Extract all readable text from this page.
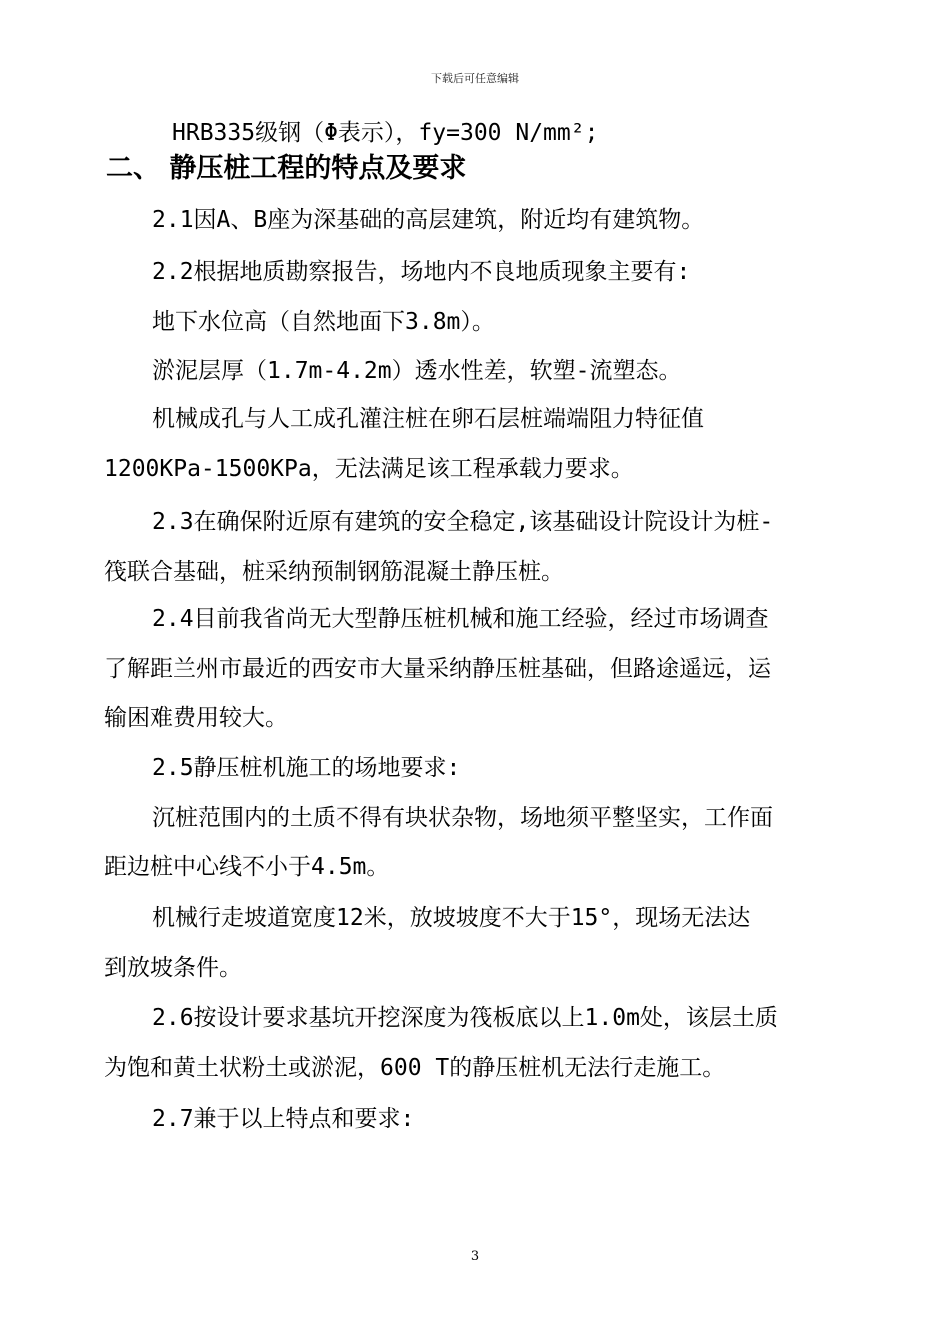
下载后可任意编辑
HRB335级钢（Φ表示），fy=300 N/mm²;
二、 静压桩工程的特点及要求
2.1因A、B座为深基础的高层建筑，附近均有建筑物。
2.2根据地质勘察报告，场地内不良地质现象主要有:
地下水位高（自然地面下3.8m）。
淤泥层厚（1.7m-4.2m）透水性差，软塑-流塑态。
机械成孔与人工成孔灌注桩在卵石层桩端端阻力特征值
1200KPa-1500KPa，无法满足该工程承载力要求。
2.3在确保附近原有建筑的安全稳定,该基础设计院设计为桩-
筏联合基础，桩采纳预制钢筋混凝土静压桩。
2.4目前我省尚无大型静压桩机械和施工经验，经过市场调查
了解距兰州市最近的西安市大量采纳静压桩基础，但路途遥远，运
输困难费用较大。
2.5静压桩机施工的场地要求:
沉桩范围内的土质不得有块状杂物，场地须平整坚实，工作面
距边桩中心线不小于4.5m。
机械行走坡道宽度12米，放坡坡度不大于15°，现场无法达
到放坡条件。
2.6按设计要求基坑开挖深度为筏板底以上1.0m处，该层土质
为饱和黄土状粉土或淤泥，600 T的静压桩机无法行走施工。
2.7兼于以上特点和要求:
3
